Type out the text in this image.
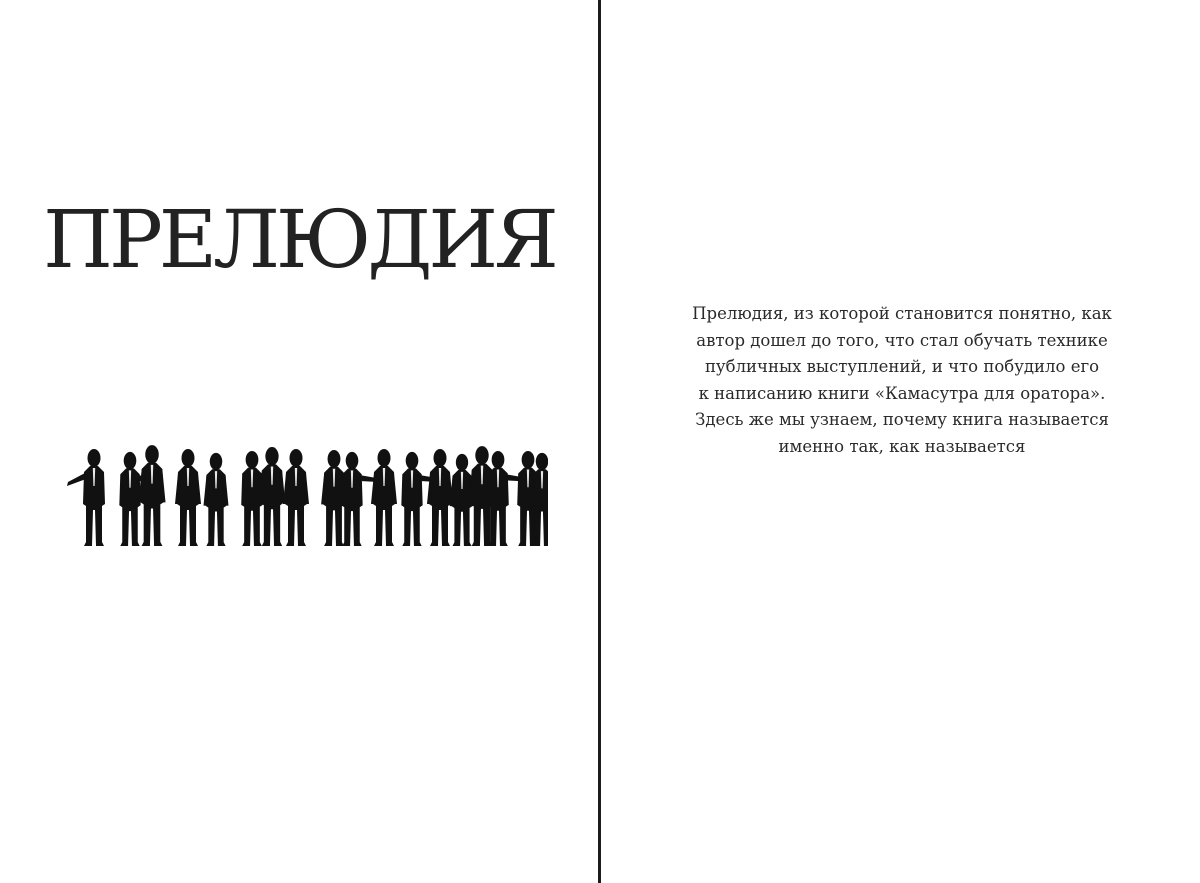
ПРЕЛЮДИЯ

Прелюдия, из которой становится понятно, как
автор дошел до того, что стал обучать технике
публичных выступлений, и что побудило его
к написанию книги «Камасутра для оратора».
Здесь же мы узнаем, почему книга называется
именно так, как называется
